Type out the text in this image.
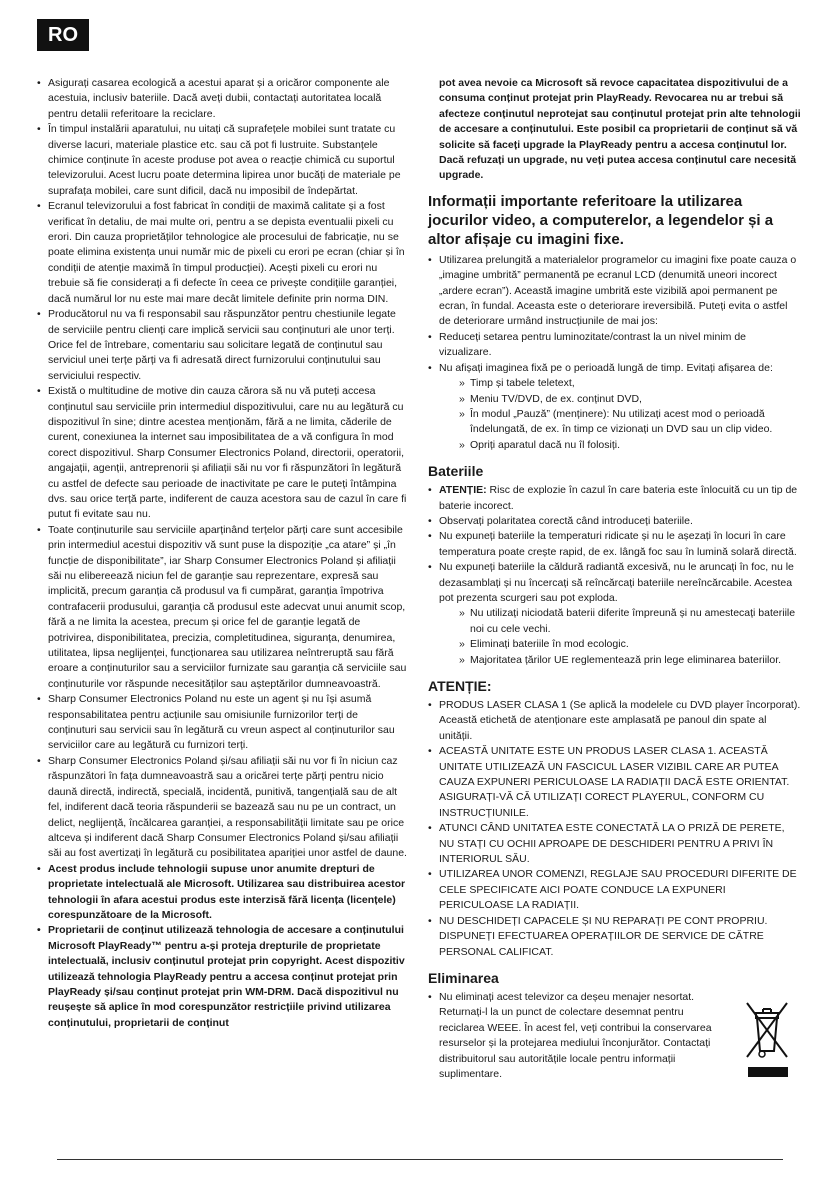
RO
• Asigurați casarea ecologică a acestui aparat și a oricăror componente ale acestuia, inclusiv bateriile. Dacă aveți dubii, contactați autoritatea locală pentru detalii referitoare la reciclare.
• În timpul instalării aparatului, nu uitați că suprafețele mobilei sunt tratate cu diverse lacuri, materiale plastice etc. sau că pot fi lustruite. Substanțele chimice conținute în aceste produse pot avea o reacție chimică cu suportul televizorului. Acest lucru poate determina lipirea unor bucăți de materiale pe suprafața mobilei, care sunt dificil, dacă nu imposibil de îndepărtat.
• Ecranul televizorului a fost fabricat în condiții de maximă calitate și a fost verificat în detaliu, de mai multe ori, pentru a se depista eventualii pixeli cu erori. Din cauza proprietăților tehnologice ale procesului de fabricație, nu se poate elimina existența unui număr mic de pixeli cu erori pe ecran (chiar și în condiții de atenție maximă în timpul producției). Acești pixeli cu erori nu trebuie să fie considerați a fi defecte în ceea ce privește condițiile garanției, dacă numărul lor nu este mai mare decât limitele definite prin norma DIN.
• Producătorul nu va fi responsabil sau răspunzător pentru chestiunile legate de serviciile pentru clienți care implică servicii sau conținuturi ale unor terți. Orice fel de întrebare, comentariu sau solicitare legată de conținutul sau serviciul unei terțe părți va fi adresată direct furnizorului conținutului sau serviciului respectiv.
• Există o multitudine de motive din cauza cărora să nu vă puteți accesa conținutul sau serviciile prin intermediul dispozitivului, care nu au legătură cu dispozitivul în sine; dintre acestea menționăm, fără a ne limita, căderile de curent, conexiunea la internet sau imposibilitatea de a vă configura în mod corect dispozitivul. Sharp Consumer Electronics Poland, directorii, operatorii, angajații, agenții, antreprenorii și afiliații săi nu vor fi răspunzători în legătură cu astfel de defecte sau perioade de inactivitate pe care le puteți întâmpina dvs. sau orice terță parte, indiferent de cauza acestora sau de cazul în care fi putut fi evitate sau nu.
• Toate conținuturile sau serviciile aparținând terțelor părți care sunt accesibile prin intermediul acestui dispozitiv vă sunt puse la dispoziție „ca atare” și „în funcție de disponibilitate”, iar Sharp Consumer Electronics Poland și afiliații săi nu elibereează niciun fel de garanție sau reprezentare, expresă sau implicită, precum garanția că produsul va fi cumpărat, garanția împotriva contrafacerii produsului, garanția că produsul este adecvat unui anumit scop, fără a ne limita la acestea, precum și orice fel de garanție legată de potrivirea, disponibilitatea, precizia, completitudinea, siguranța, denumirea, utilitatea, lipsa neglijenței, funcționarea sau utilizarea neîntreruptă sau fără eroare a conținuturilor sau a serviciilor furnizate sau garanția că serviciile sau conținuturile vor răspunde necesităților sau așteptărilor dumneavoastră.
• Sharp Consumer Electronics Poland nu este un agent și nu își asumă responsabilitatea pentru acțiunile sau omisiunile furnizorilor terți de conținuturi sau servicii sau în legătură cu vreun aspect al conținuturilor sau serviciilor care au legătură cu furnizori terți.
• Sharp Consumer Electronics Poland și/sau afiliații săi nu vor fi în niciun caz răspunzători în fața dumneavoastră sau a oricărei terțe părți pentru nicio daună directă, indirectă, specială, incidentă, punitivă, tangențială sau de alt fel, indiferent dacă teoria răspunderii se bazează sau nu pe un contract, un delict, neglijență, încălcarea garanției, a responsabilității limitate sau pe orice altceva și indiferent dacă Sharp Consumer Electronics Poland și/sau afiliații săi au fost avertizați în legătură cu posibilitatea apariției unor astfel de daune.
• Acest produs include tehnologii supuse unor anumite drepturi de proprietate intelectuală ale Microsoft. Utilizarea sau distribuirea acestor tehnologii în afara acestui produs este interzisă fără licența (licențele) corespunzătoare de la Microsoft.
• Proprietarii de conținut utilizează tehnologia de accesare a conținutului Microsoft PlayReady™ pentru a-și proteja drepturile de proprietate intelectuală, inclusiv conținutul protejat prin copyright. Acest dispozitiv utilizează tehnologia PlayReady pentru a accesa conținut protejat prin PlayReady și/sau conținut protejat prin WM-DRM. Dacă dispozitivul nu reușește să aplice în mod corespunzător restricțiile privind utilizarea conținutului, proprietarii de conținut
pot avea nevoie ca Microsoft să revoce capacitatea dispozitivului de a consuma conținut protejat prin PlayReady. Revocarea nu ar trebui să afecteze conținutul neprotejat sau conținutul protejat prin alte tehnologii de accesare a conținutului. Este posibil ca proprietarii de conținut să vă solicite să faceți upgrade la PlayReady pentru a accesa conținutul lor. Dacă refuzați un upgrade, nu veți putea accesa conținutul care necesită upgrade.
Informații importante referitoare la utilizarea jocurilor video, a computerelor, a legendelor și a altor afișaje cu imagini fixe.
• Utilizarea prelungită a materialelor programelor cu imagini fixe poate cauza o „imagine umbrită” permanentă pe ecranul LCD (denumită uneori incorect „ardere ecran”). Această imagine umbrită este vizibilă apoi permanent pe ecran, în fundal. Aceasta este o deteriorare ireversibilă. Puteți evita o astfel de deteriorare urmând instrucțiunile de mai jos:
• Reduceți setarea pentru luminozitate/contrast la un nivel minim de vizualizare.
• Nu afișați imaginea fixă pe o perioadă lungă de timp. Evitați afișarea de:
» Timp și tabele teletext,
» Meniu TV/DVD, de ex. conținut DVD,
» În modul „Pauză” (menținere): Nu utilizați acest mod o perioadă îndelungată, de ex. în timp ce vizionați un DVD sau un clip video.
» Opriți aparatul dacă nu îl folosiți.
Bateriile
• ATENȚIE: Risc de explozie în cazul în care bateria este înlocuită cu un tip de baterie incorect.
• Observați polaritatea corectă când introduceți bateriile.
• Nu expuneți bateriile la temperaturi ridicate și nu le așezați în locuri în care temperatura poate crește rapid, de ex. lângă foc sau în lumină solară directă.
• Nu expuneți bateriile la căldură radiantă excesivă, nu le aruncați în foc, nu le dezasamblați și nu încercați să reîncărcați bateriile nereîncărcabile. Acestea pot prezenta scurgeri sau pot exploda.
» Nu utilizați niciodată baterii diferite împreună și nu amestecați bateriile noi cu cele vechi.
» Eliminați bateriile în mod ecologic.
» Majoritatea țărilor UE reglementează prin lege eliminarea bateriilor.
ATENȚIE:
• PRODUS LASER CLASA 1 (Se aplică la modelele cu DVD player încorporat). Această etichetă de atenționare este amplasată pe panoul din spate al unității.
• ACEASTĂ UNITATE ESTE UN PRODUS LASER CLASA 1. ACEASTĂ UNITATE UTILIZEAZĂ UN FASCICUL LASER VIZIBIL CARE AR PUTEA CAUZA EXPUNERI PERICULOASE LA RADIAȚII DACĂ ESTE ORIENTAT. ASIGURAȚI-VĂ CĂ UTILIZAȚI CORECT PLAYERUL, CONFORM CU INSTRUCȚIUNILE.
• ATUNCI CÂND UNITATEA ESTE CONECTATĂ LA O PRIZĂ DE PERETE, NU STAȚI CU OCHII APROAPE DE DESCHIDERI PENTRU A PRIVI ÎN INTERIORUL SĂU.
• UTILIZAREA UNOR COMENZI, REGLAJE SAU PROCEDURI DIFERITE DE CELE SPECIFICATE AICI POATE CONDUCE LA EXPUNERI PERICULOASE LA RADIAȚII.
• NU DESCHIDEȚI CAPACELE ȘI NU REPARAȚI PE CONT PROPRIU. DISPUNEȚI EFECTUAREA OPERAȚIILOR DE SERVICE DE CĂTRE PERSONAL CALIFICAT.
Eliminarea
• Nu eliminați acest televizor ca deșeu menajer nesortat. Returnați-l la un punct de colectare desemnat pentru reciclarea WEEE. În acest fel, veți contribui la conservarea resurselor și la protejarea mediului înconjurător. Contactați distribuitorul sau autoritățile locale pentru informații suplimentare.
